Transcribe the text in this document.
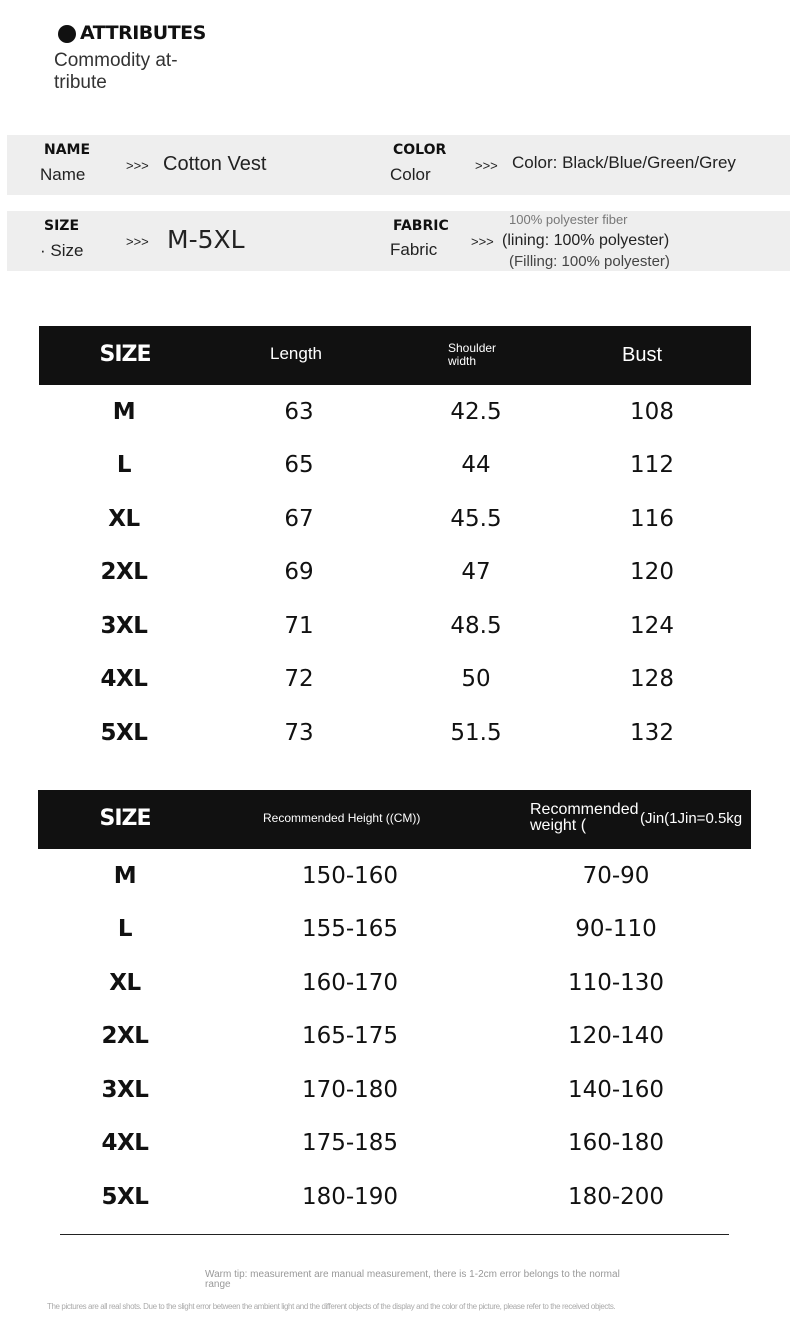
ATTRIBUTES
Commodity at- tribute
NAME
Name	>>> Cotton Vest
COLOR
Color	>>> Color: Black/Blue/Green/Grey
SIZE
· Size	>>> M-5XL	FABRIC
Fabric	>>>
100% polyester fiber
(lining: 100% polyester)
(Filling: 100% polyester)
SIZE	Length	Shoulder width	Bust
M	63	42.5	108
L	65	44	112
XL	67	45.5	116
2XL	69	47	120
3XL	71	48.5	124
4XL	72	50	128
5XL	73	51.5	132
SIZE	Recommended Height ((CM))	Recommended weight (	(Jin(1Jin=0.5kg
M	150-160	70-90
L	155-165	90-110
XL	160-170	110-130
2XL	165-175	120-140
3XL	170-180	140-160
4XL	175-185	160-180
5XL	180-190	180-200
Warm tip: measurement are manual measurement, there is 1-2cm error belongs to the normal range
The pictures are all real shots. Due to the slight error between the ambient light and the different objects of the display and the color of the picture, please refer to the received objects.
